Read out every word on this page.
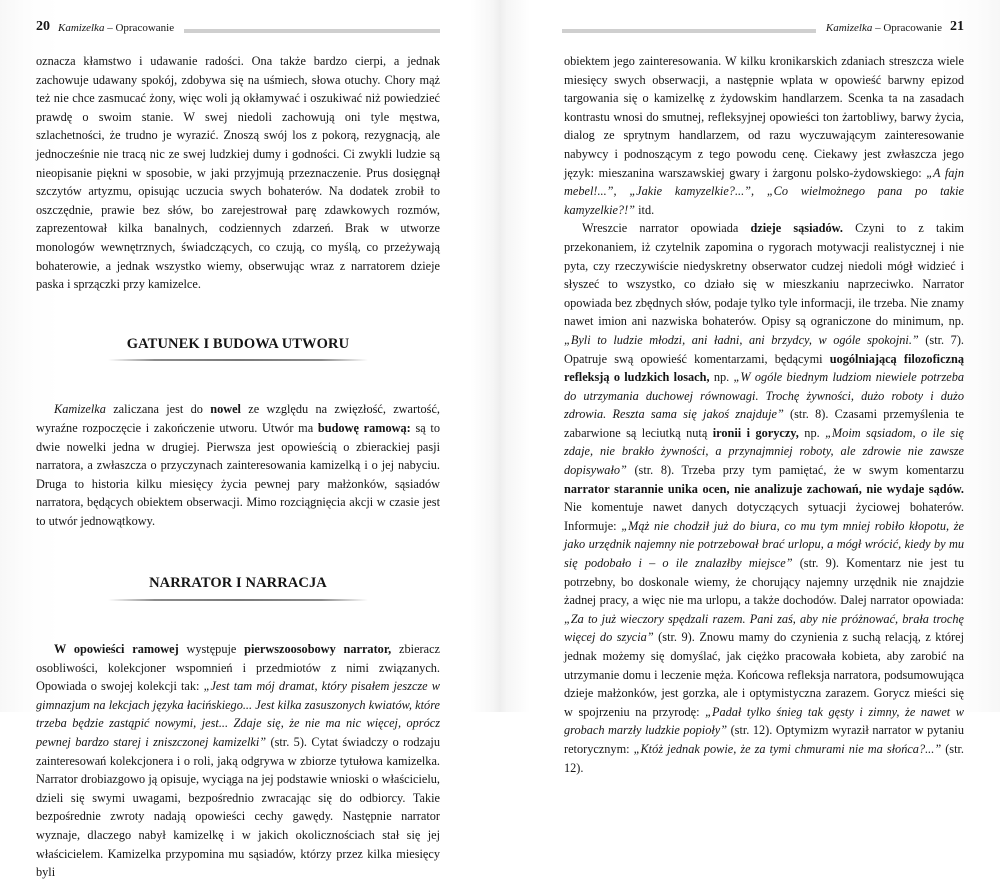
20 Kamizelka – Opracowanie

oznacza kłamstwo i udawanie radości. Ona także bardzo cierpi, a jednak zachowuje udawany spokój, zdobywa się na uśmiech, słowa otuchy. Chory mąż też nie chce zasmucać żony, więc woli ją okłamywać i oszukiwać niż powiedzieć prawdę o swoim stanie. W swej niedoli zachowują oni tyle męstwa, szlachetności, że trudno je wyrazić. Znoszą swój los z pokorą, rezygnacją, ale jednocześnie nie tracą nic ze swej ludzkiej dumy i godności. Ci zwykli ludzie są nieopisanie piękni w sposobie, w jaki przyjmują przeznaczenie. Prus dosięgnął szczytów artyzmu, opisując uczucia swych bohaterów. Na dodatek zrobił to oszczędnie, prawie bez słów, bo zarejestrował parę zdawkowych rozmów, zaprezentował kilka banalnych, codziennych zdarzeń. Brak w utworze monologów wewnętrznych, świadczących, co czują, co myślą, co przeżywają bohaterowie, a jednak wszystko wiemy, obserwując wraz z narratorem dzieje paska i sprzączki przy kamizelce.

GATUNEK I BUDOWA UTWORU

Kamizelka zaliczana jest do nowel ze względu na zwięzłość, zwartość, wyraźne rozpoczęcie i zakończenie utworu. Utwór ma budowę ramową: są to dwie nowelki jedna w drugiej. Pierwsza jest opowieścią o zbierackiej pasji narratora, a zwłaszcza o przyczynach zainteresowania kamizelką i o jej nabyciu. Druga to historia kilku miesięcy życia pewnej pary małżonków, sąsiadów narratora, będących obiektem obserwacji. Mimo rozciągnięcia akcji w czasie jest to utwór jednowątkowy.

NARRATOR I NARRACJA

W opowieści ramowej występuje pierwszoosobowy narrator, zbieracz osobliwości, kolekcjoner wspomnień i przedmiotów z nimi związanych. Opowiada o swojej kolekcji tak: „Jest tam mój dramat, który pisałem jeszcze w gimnazjum na lekcjach języka łacińskiego... Jest kilka zasuszonych kwiatów, które trzeba będzie zastąpić nowymi, jest... Zdaje się, że nie ma nic więcej, oprócz pewnej bardzo starej i zniszczonej kamizelki” (str. 5). Cytat świadczy o rodzaju zainteresowań kolekcjonera i o roli, jaką odgrywa w zbiorze tytułowa kamizelka. Narrator drobiazgowo ją opisuje, wyciąga na jej podstawie wnioski o właścicielu, dzieli się swymi uwagami, bezpośrednio zwracając się do odbiorcy. Takie bezpośrednie zwroty nadają opowieści cechy gawędy. Następnie narrator wyznaje, dlaczego nabył kamizelkę i w jakich okolicznościach stał się jej właścicielem. Kamizelka przypomina mu sąsiadów, którzy przez kilka miesięcy byli

Kamizelka – Opracowanie 21

obiektem jego zainteresowania. W kilku kronikarskich zdaniach streszcza wiele miesięcy swych obserwacji, a następnie wplata w opowieść barwny epizod targowania się o kamizelkę z żydowskim handlarzem. Scenka ta na zasadach kontrastu wnosi do smutnej, refleksyjnej opowieści ton żartobliwy, barwy życia, dialog ze sprytnym handlarzem, od razu wyczuwającym zainteresowanie nabywcy i podnoszącym z tego powodu cenę. Ciekawy jest zwłaszcza jego język: mieszanina warszawskiej gwary i żargonu polsko-żydowskiego: „A fajn mebel!...”, „Jakie kamyzelkie?...”, „Co wielmożnego pana po takie kamyzelkie?!” itd.

Wreszcie narrator opowiada dzieje sąsiadów. Czyni to z takim przekonaniem, iż czytelnik zapomina o rygorach motywacji realistycznej i nie pyta, czy rzeczywiście niedyskretny obserwator cudzej niedoli mógł widzieć i słyszeć to wszystko, co działo się w mieszkaniu naprzeciwko. Narrator opowiada bez zbędnych słów, podaje tylko tyle informacji, ile trzeba. Nie znamy nawet imion ani nazwiska bohaterów. Opisy są ograniczone do minimum, np. „Byli to ludzie młodzi, ani ładni, ani brzydcy, w ogóle spokojni.” (str. 7). Opatruje swą opowieść komentarzami, będącymi uogólniającą filozoficzną refleksją o ludzkich losach, np. „W ogóle biednym ludziom niewiele potrzeba do utrzymania duchowej równowagi. Trochę żywności, dużo roboty i dużo zdrowia. Reszta sama się jakoś znajduje” (str. 8). Czasami przemyślenia te zabarwione są leciutką nutą ironii i goryczy, np. „Moim sąsiadom, o ile się zdaje, nie brakło żywności, a przynajmniej roboty, ale zdrowie nie zawsze dopisywało” (str. 8). Trzeba przy tym pamiętać, że w swym komentarzu narrator starannie unika ocen, nie analizuje zachowań, nie wydaje sądów. Nie komentuje nawet danych dotyczących sytuacji życiowej bohaterów. Informuje: „Mąż nie chodził już do biura, co mu tym mniej robiło kłopotu, że jako urzędnik najemny nie potrzebował brać urlopu, a mógł wrócić, kiedy by mu się podobało i – o ile znalazłby miejsce” (str. 9). Komentarz nie jest tu potrzebny, bo doskonale wiemy, że chorujący najemny urzędnik nie znajdzie żadnej pracy, a więc nie ma urlopu, a także dochodów. Dalej narrator opowiada: „Za to już wieczory spędzali razem. Pani zaś, aby nie próżnować, brała trochę więcej do szycia” (str. 9). Znowu mamy do czynienia z suchą relacją, z której jednak możemy się domyślać, jak ciężko pracowała kobieta, aby zarobić na utrzymanie domu i leczenie męża. Końcowa refleksja narratora, podsumowująca dzieje małżonków, jest gorzka, ale i optymistyczna zarazem. Gorycz mieści się w spojrzeniu na przyrodę: „Padał tylko śnieg tak gęsty i zimny, że nawet w grobach marzły ludzkie popioły” (str. 12). Optymizm wyraził narrator w pytaniu retorycznym: „Któż jednak powie, że za tymi chmurami nie ma słońca?...” (str. 12).
